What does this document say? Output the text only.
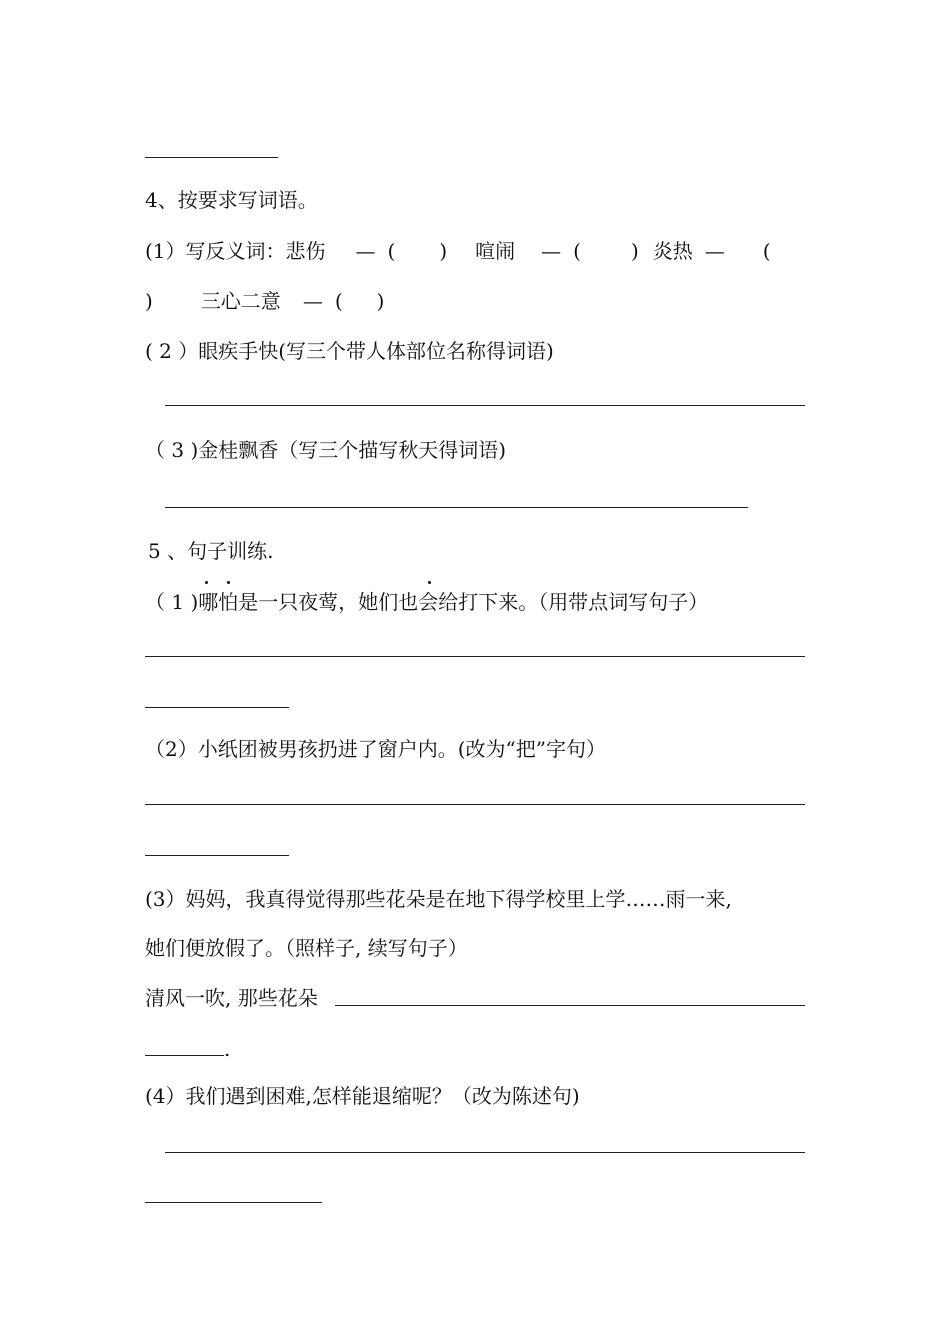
4、按要求写词语。
(1）写反义词：悲伤 — ( ) 喧闹 — (	) 炎热 — (
) 三心二意 — ( )
( 2 ）眼疾手快(写三个带人体部位名称得词语)
（ 3 )金桂飘香（写三个描写秋天得词语)
5 、句子训练.
（ 1 )哪怕是一只夜莺，她们也会给打下来。（用带点词写句子）
（2）小纸团被男孩扔进了窗户内。(改为“把”字句）
(3）妈妈，我真得觉得那些花朵是在地下得学校里上学……雨一来,
她们便放假了。（照样子, 续写句子）
清风一吹, 那些花朵
.
(4）我们遇到困难,怎样能退缩呢？（改为陈述句)
